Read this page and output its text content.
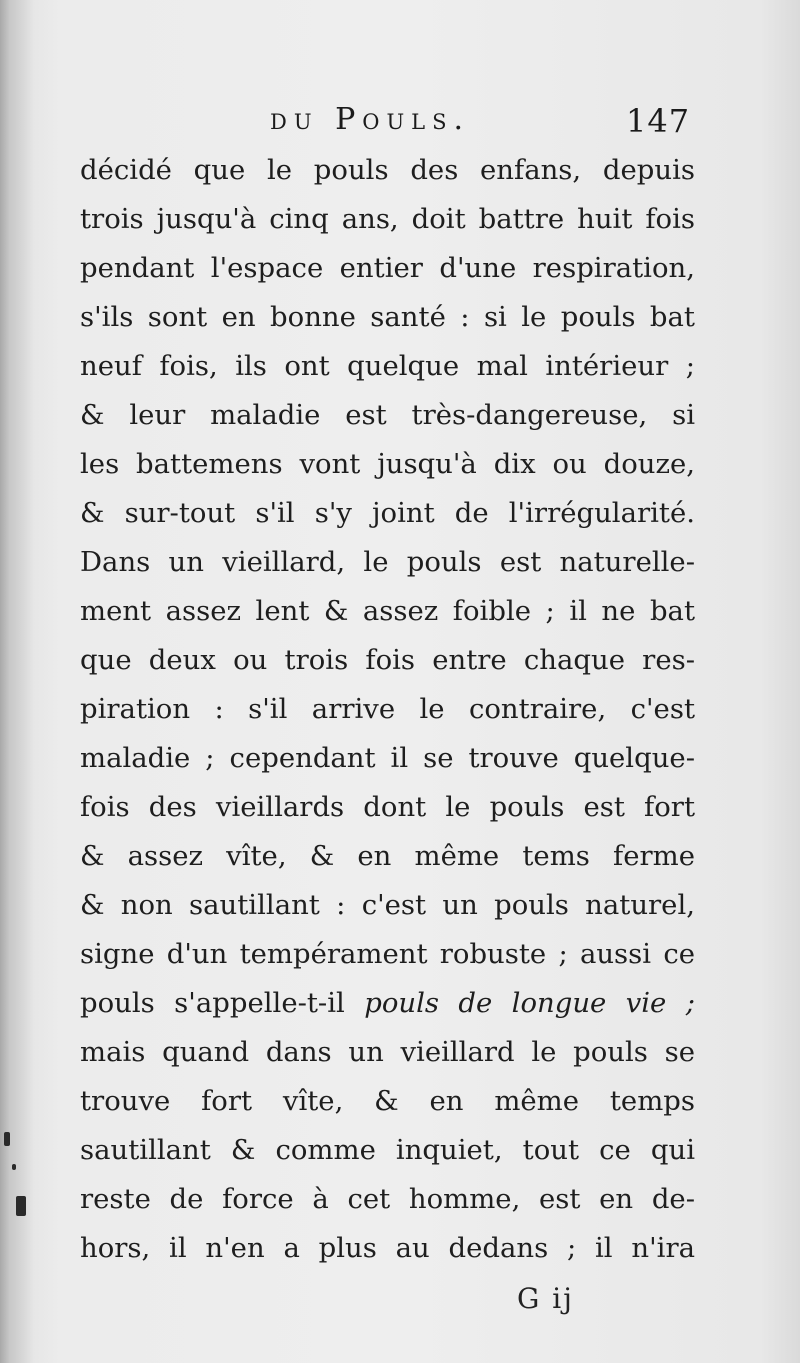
du Pouls.	147
décidé que le pouls des enfans, depuis
trois jusqu'à cinq ans, doit battre huit fois
pendant l'espace entier d'une respiration,
s'ils sont en bonne santé : si le pouls bat
neuf fois, ils ont quelque mal intérieur ;
& leur maladie est très-dangereuse, si
les battemens vont jusqu'à dix ou douze,
& sur-tout s'il s'y joint de l'irrégularité.
Dans un vieillard, le pouls est naturelle-
ment assez lent & assez foible ; il ne bat
que deux ou trois fois entre chaque res-
piration : s'il arrive le contraire, c'est
maladie ; cependant il se trouve quelque-
fois des vieillards dont le pouls est fort
& assez vîte, & en même tems ferme
& non sautillant : c'est un pouls naturel,
signe d'un tempérament robuste ; aussi ce
pouls s'appelle-t-il pouls de longue vie ;
mais quand dans un vieillard le pouls se
trouve fort vîte, & en même temps
sautillant & comme inquiet, tout ce qui
reste de force à cet homme, est en de-
hors, il n'en a plus au dedans ; il n'ira
G ij
